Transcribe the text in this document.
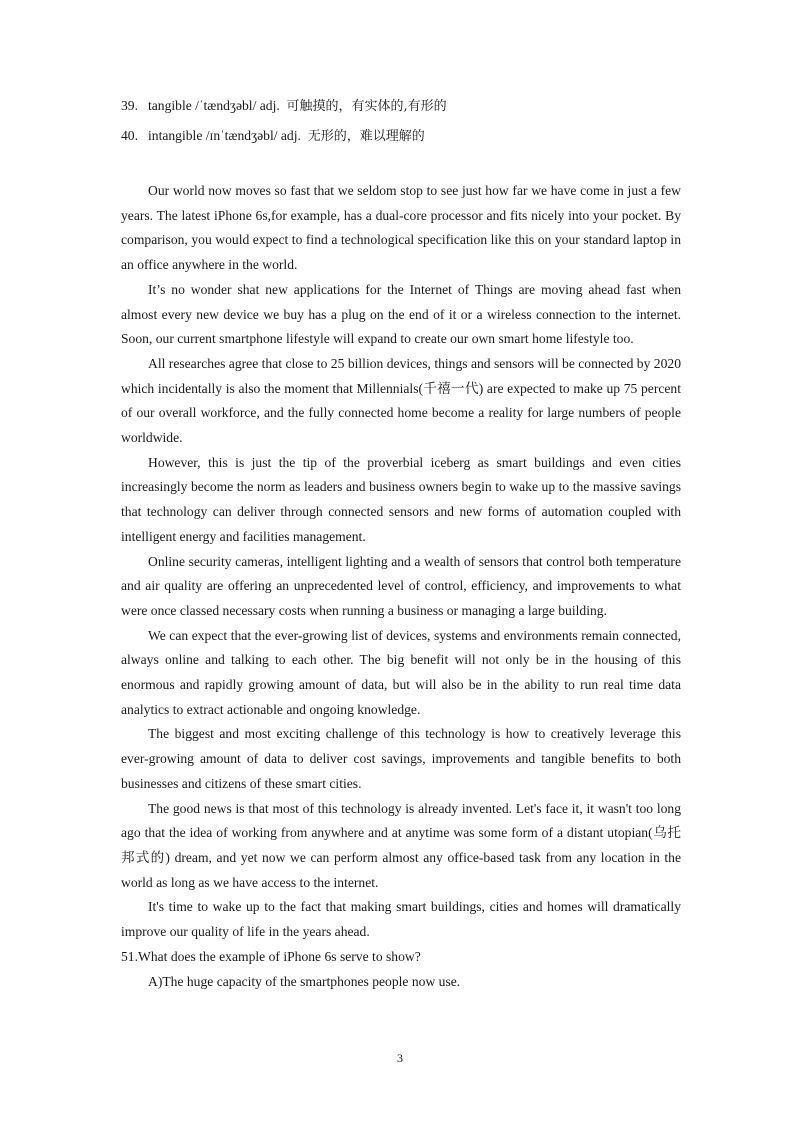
39. tangible /ˈtændʒəbl/ adj. 可触摸的，有实体的,有形的
40. intangible /ɪnˈtændʒəbl/ adj. 无形的，难以理解的

Our world now moves so fast that we seldom stop to see just how far we have come in just a few years. The latest iPhone 6s,for example, has a dual-core processor and fits nicely into your pocket. By comparison, you would expect to find a technological specification like this on your standard laptop in an office anywhere in the world.

It’s no wonder shat new applications for the Internet of Things are moving ahead fast when almost every new device we buy has a plug on the end of it or a wireless connection to the internet. Soon, our current smartphone lifestyle will expand to create our own smart home lifestyle too.

All researches agree that close to 25 billion devices, things and sensors will be connected by 2020 which incidentally is also the moment that Millennials(千禧一代) are expected to make up 75 percent of our overall workforce, and the fully connected home become a reality for large numbers of people worldwide.

However, this is just the tip of the proverbial iceberg as smart buildings and even cities increasingly become the norm as leaders and business owners begin to wake up to the massive savings that technology can deliver through connected sensors and new forms of automation coupled with intelligent energy and facilities management.

Online security cameras, intelligent lighting and a wealth of sensors that control both temperature and air quality are offering an unprecedented level of control, efficiency, and improvements to what were once classed necessary costs when running a business or managing a large building.

We can expect that the ever-growing list of devices, systems and environments remain connected, always online and talking to each other. The big benefit will not only be in the housing of this enormous and rapidly growing amount of data, but will also be in the ability to run real time data analytics to extract actionable and ongoing knowledge.

The biggest and most exciting challenge of this technology is how to creatively leverage this ever-growing amount of data to deliver cost savings, improvements and tangible benefits to both businesses and citizens of these smart cities.

The good news is that most of this technology is already invented. Let's face it, it wasn't too long ago that the idea of working from anywhere and at anytime was some form of a distant utopian(乌托邦式的) dream, and yet now we can perform almost any office-based task from any location in the world as long as we have access to the internet.

It's time to wake up to the fact that making smart buildings, cities and homes will dramatically improve our quality of life in the years ahead.

51.What does the example of iPhone 6s serve to show?

A)The huge capacity of the smartphones people now use.

3
